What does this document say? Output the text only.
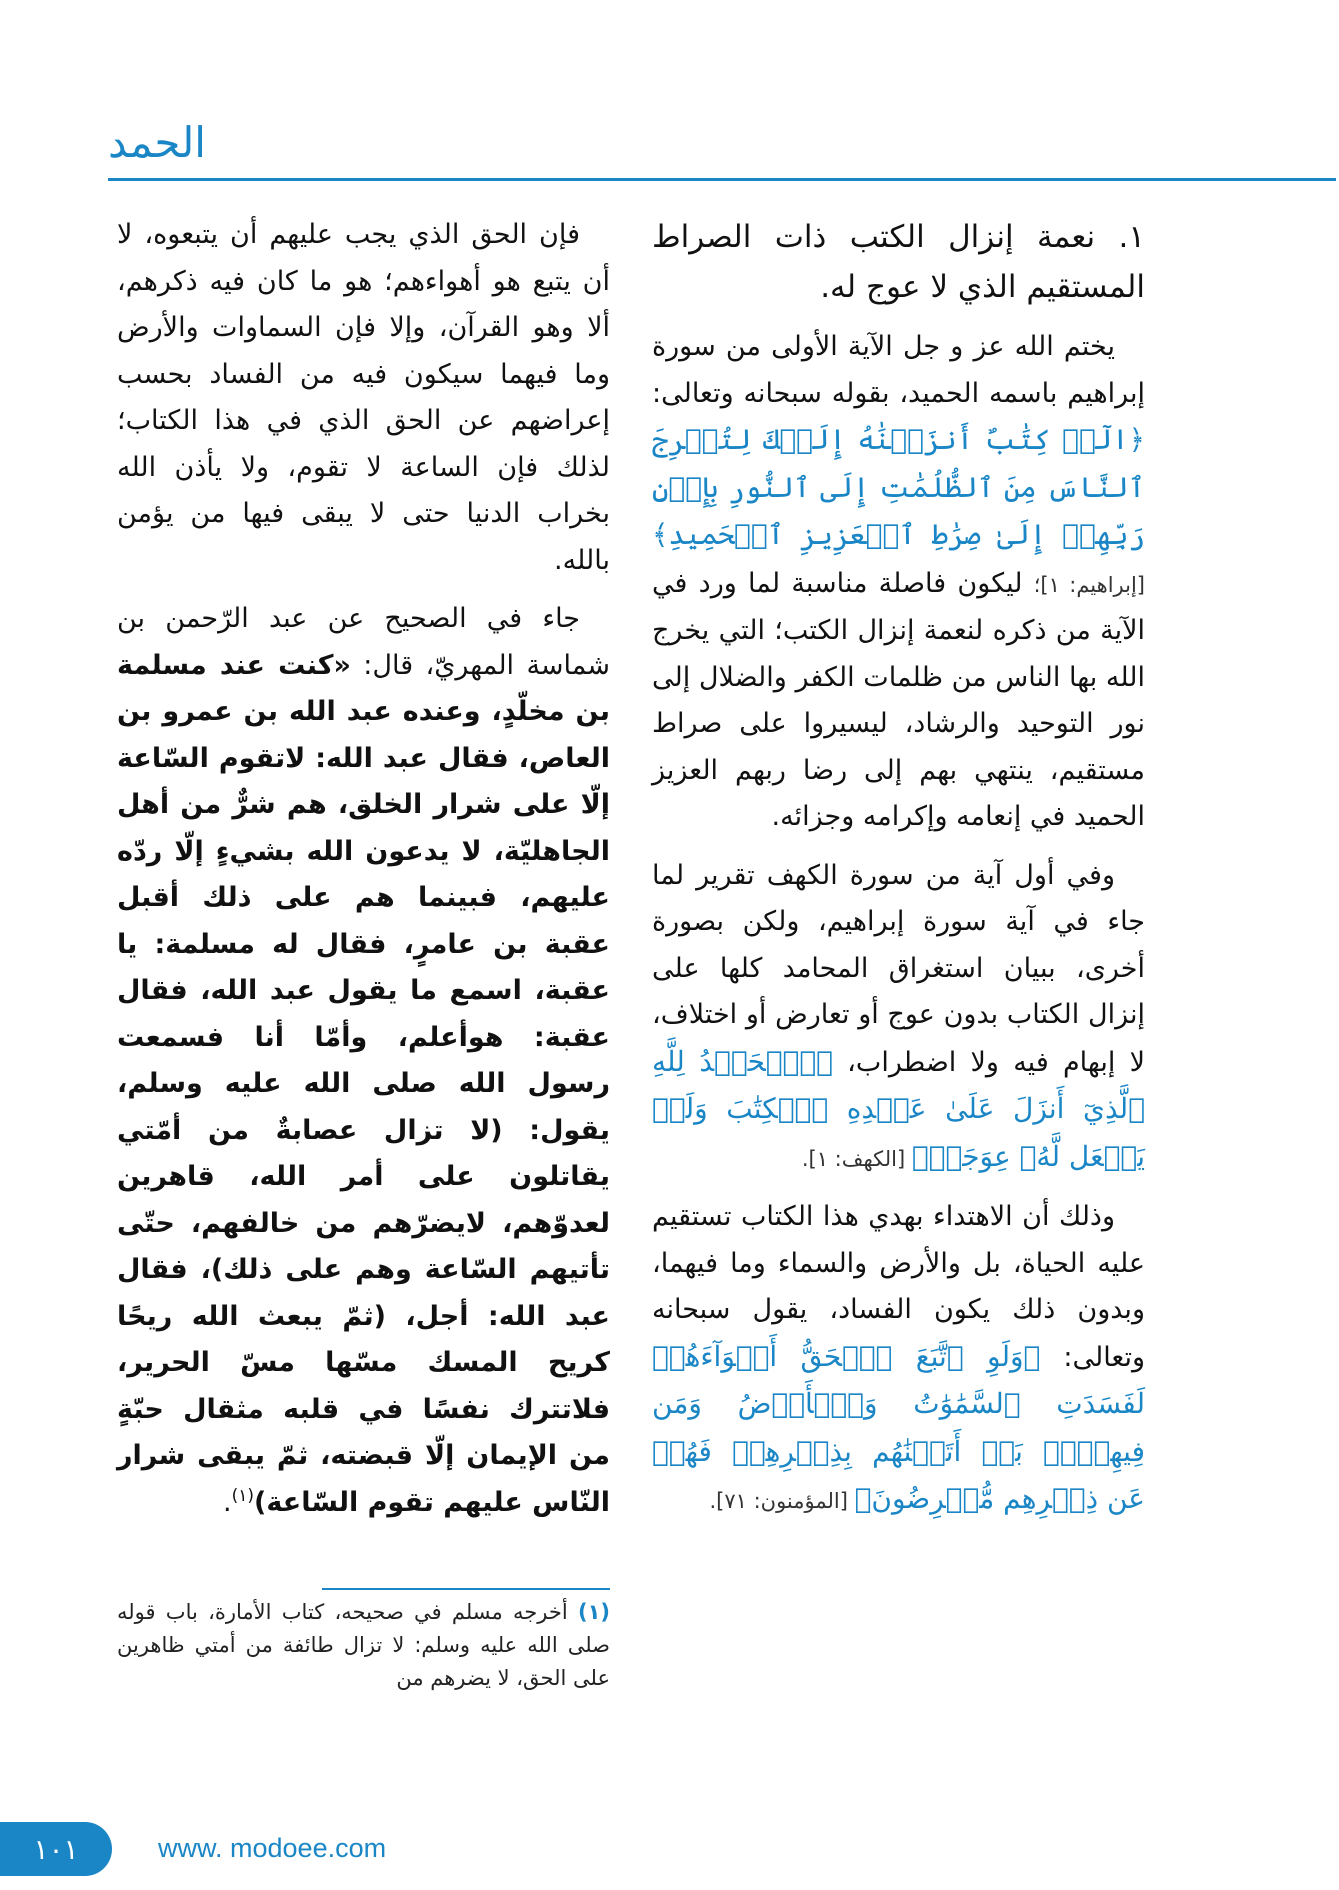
الحمد

١. نعمة إنزال الكتب ذات الصراط المستقيم الذي لا عوج له.

يختم الله عز و جل الآية الأولى من سورة إبراهيم باسمه الحميد، بقوله سبحانه وتعالى: ﴿الٓرۚ كِتَٰبٌ أَنزَلۡنَٰهُ إِلَيۡكَ لِتُخۡرِجَ ٱلنَّاسَ مِنَ ٱلظُّلُمَٰتِ إِلَى ٱلنُّورِ بِإِذۡنِ رَبِّهِمۡ إِلَىٰ صِرَٰطِ ٱلۡعَزِيزِ ٱلۡحَمِيدِ﴾ [إبراهيم: ١]؛ ليكون فاصلة مناسبة لما ورد في الآية من ذكره لنعمة إنزال الكتب؛ التي يخرج الله بها الناس من ظلمات الكفر والضلال إلى نور التوحيد والرشاد، ليسيروا على صراط مستقيم، ينتهي بهم إلى رضا ربهم العزيز الحميد في إنعامه وإكرامه وجزائه.

وفي أول آية من سورة الكهف تقرير لما جاء في آية سورة إبراهيم، ولكن بصورة أخرى، ببيان استغراق المحامد كلها على إنزال الكتاب بدون عوج أو تعارض أو اختلاف، لا إبهام فيه ولا اضطراب، ﴿ٱلۡحَمۡدُ لِلَّهِ ٱلَّذِيٓ أَنزَلَ عَلَىٰ عَبۡدِهِ ٱلۡكِتَٰبَ وَلَمۡ يَجۡعَل لَّهُۥ عِوَجَاۜ﴾ [الكهف: ١].

وذلك أن الاهتداء بهدي هذا الكتاب تستقيم عليه الحياة، بل والأرض والسماء وما فيهما، وبدون ذلك يكون الفساد، يقول سبحانه وتعالى: ﴿وَلَوِ ٱتَّبَعَ ٱلۡحَقُّ أَهۡوَآءَهُمۡ لَفَسَدَتِ ٱلسَّمَٰوَٰتُ وَٱلۡأَرۡضُ وَمَن فِيهِنَّۚ بَلۡ أَتَيۡنَٰهُم بِذِكۡرِهِمۡ فَهُمۡ عَن ذِكۡرِهِم مُّعۡرِضُونَ﴾ [المؤمنون: ٧١].

فإن الحق الذي يجب عليهم أن يتبعوه، لا أن يتبع هو أهواءهم؛ هو ما كان فيه ذكرهم، ألا وهو القرآن، وإلا فإن السماوات والأرض وما فيهما سيكون فيه من الفساد بحسب إعراضهم عن الحق الذي في هذا الكتاب؛ لذلك فإن الساعة لا تقوم، ولا يأذن الله بخراب الدنيا حتى لا يبقى فيها من يؤمن بالله.

جاء في الصحيح عن عبد الرّحمن بن شماسة المهريّ، قال: «كنت عند مسلمة بن مخلّدٍ، وعنده عبد الله بن عمرو بن العاص، فقال عبد الله: لاتقوم السّاعة إلّا على شرار الخلق، هم شرٌّ من أهل الجاهليّة، لا يدعون الله بشيءٍ إلّا ردّه عليهم، فبينما هم على ذلك أقبل عقبة بن عامرٍ، فقال له مسلمة: يا عقبة، اسمع ما يقول عبد الله، فقال عقبة: هوأعلم، وأمّا أنا فسمعت رسول الله صلى الله عليه وسلم، يقول: (لا تزال عصابةٌ من أمّتي يقاتلون على أمر الله، قاهرين لعدوّهم، لايضرّهم من خالفهم، حتّى تأتيهم السّاعة وهم على ذلك)، فقال عبد الله: أجل، (ثمّ يبعث الله ريحًا كريح المسك مسّها مسّ الحرير، فلاتترك نفسًا في قلبه مثقال حبّةٍ من الإيمان إلّا قبضته، ثمّ يبقى شرار النّاس عليهم تقوم السّاعة)$^{(١)}$.

(١) أخرجه مسلم في صحيحه، كتاب الأمارة، باب قوله صلى الله عليه وسلم: لا تزال طائفة من أمتي ظاهرين على الحق، لا يضرهم من
١٠١	www. modoee.com
